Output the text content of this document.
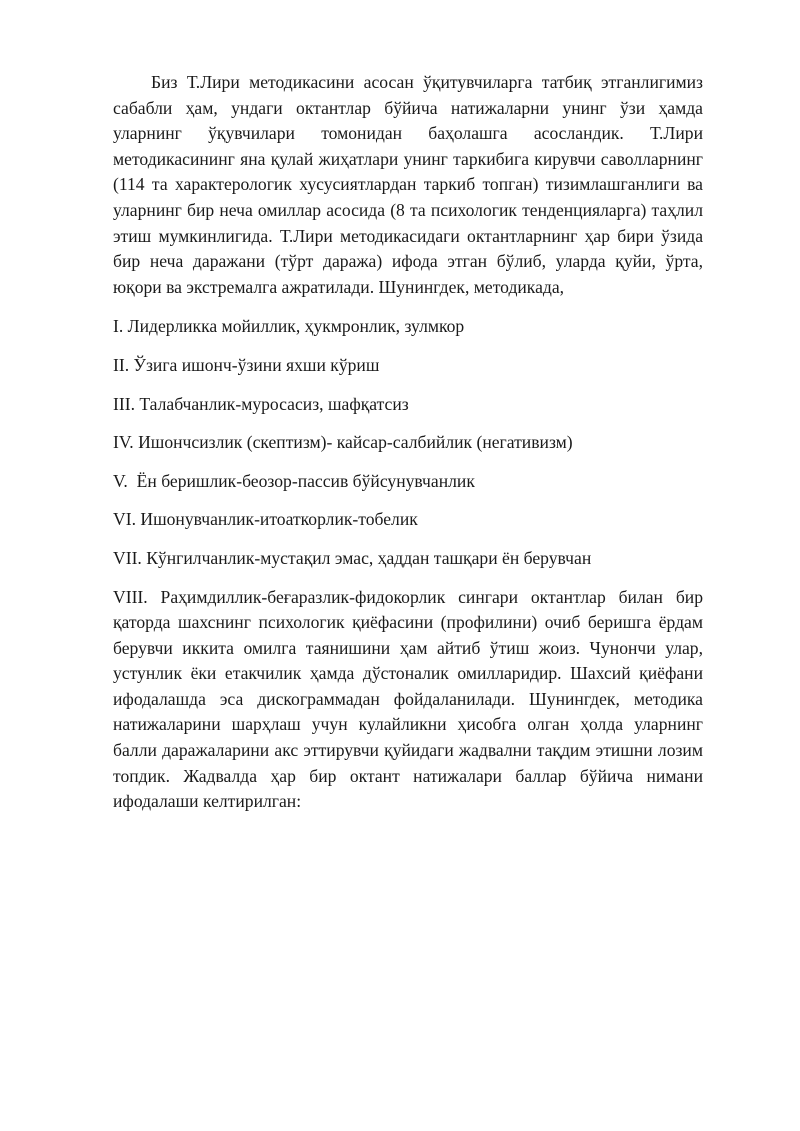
Биз Т.Лири методикасини асосан ўқитувчиларга татбиқ этганлигимиз сабабли ҳам, ундаги октантлар бўйича натижаларни унинг ўзи ҳамда уларнинг ўқувчилари томонидан баҳолашга асосландик. Т.Лири методикасининг яна қулай жиҳатлари унинг таркибига кирувчи саволларнинг (114 та характерологик хусусиятлардан таркиб топган) тизимлашганлиги ва уларнинг бир неча омиллар асосида (8 та психологик тенденцияларга) таҳлил этиш мумкинлигида. Т.Лири методикасидаги октантларнинг ҳар бири ўзида бир неча даражани (тўрт даража) ифода этган бўлиб, уларда қуйи, ўрта, юқори ва экстремалга ажратилади. Шунингдек, методикада,

I. Лидерликка мойиллик, ҳукмронлик, зулмкор

II. Ўзига ишонч-ўзини яхши кўриш

III. Талабчанлик-муросасиз, шафқатсиз

IV. Ишончсизлик (скептизм)- кайсар-салбийлик (негативизм)

V.  Ён беришлик-беозор-пассив бўйсунувчанлик

VI. Ишонувчанлик-итоаткорлик-тобелик

VII. Кўнгилчанлик-мустақил эмас, ҳаддан ташқари ён берувчан

VIII. Раҳимдиллик-беғаразлик-фидокорлик сингари октантлар билан бир қаторда шахснинг психологик қиёфасини (профилини) очиб беришга ёрдам берувчи иккита омилга таянишини ҳам айтиб ўтиш жоиз. Чунончи улар, устунлик ёки етакчилик ҳамда дўстоналик омилларидир. Шахсий қиёфани ифодалашда эса дискограммадан фойдаланилади. Шунингдек, методика натижаларини шарҳлаш учун кулайликни ҳисобга олган ҳолда уларнинг балли даражаларини акс эттирувчи қуйидаги жадвални тақдим этишни лозим топдик. Жадвалда ҳар бир октант натижалари баллар бўйича нимани ифодалаши келтирилган:
